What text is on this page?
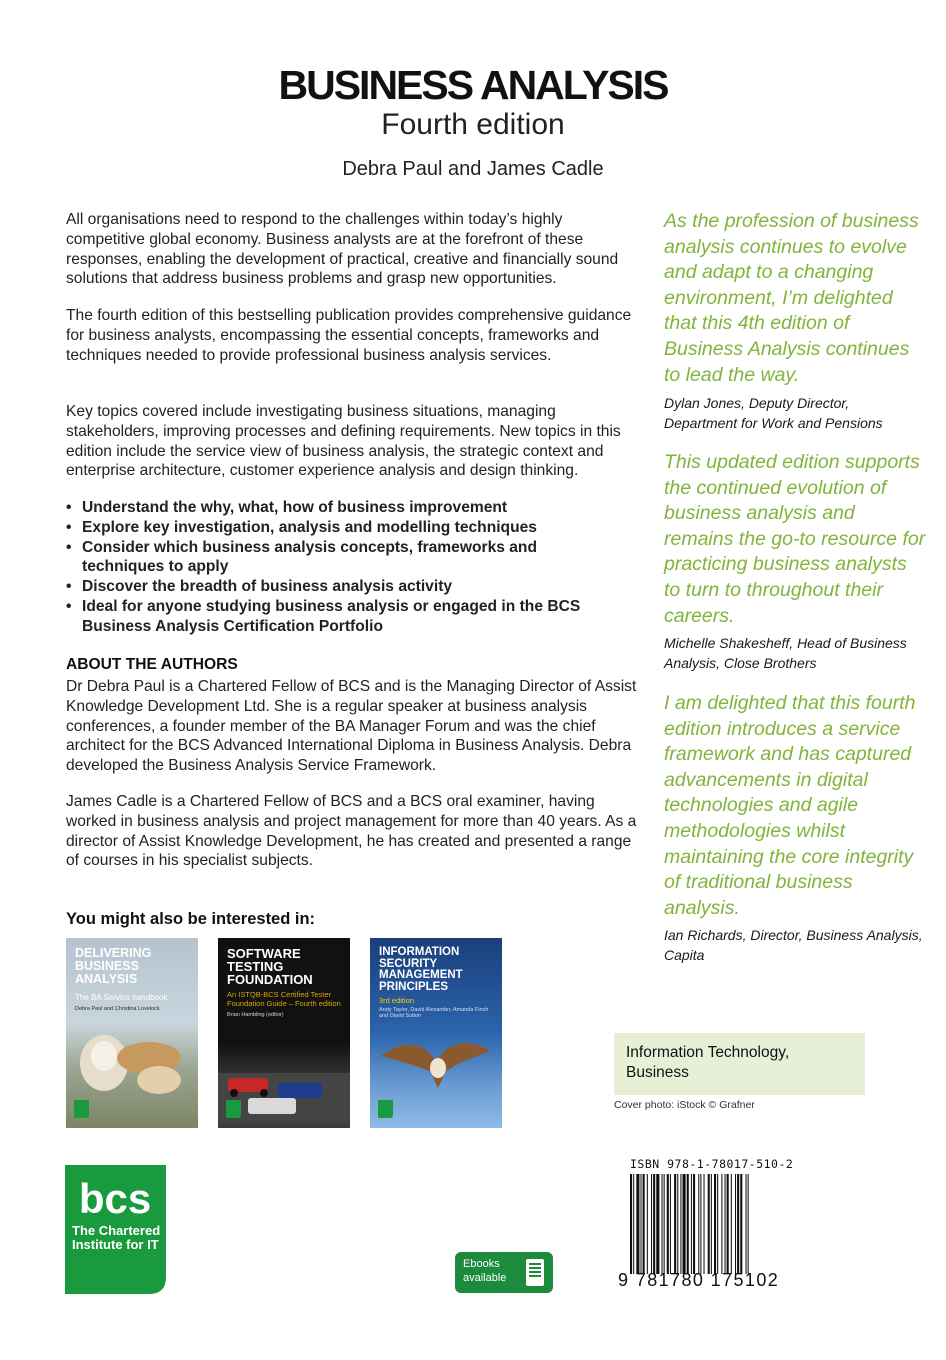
BUSINESS ANALYSIS
Fourth edition
Debra Paul and James Cadle
All organisations need to respond to the challenges within today’s highly competitive global economy. Business analysts are at the forefront of these responses, enabling the development of practical, creative and financially sound solutions that address business problems and grasp new opportunities.
The fourth edition of this bestselling publication provides comprehensive guidance for business analysts, encompassing the essential concepts, frameworks and techniques needed to provide professional business analysis services.
Key topics covered include investigating business situations, managing stakeholders, improving processes and defining requirements. New topics in this edition include the service view of business analysis, the strategic context and enterprise architecture, customer experience analysis and design thinking.
• Understand the why, what, how of business improvement
• Explore key investigation, analysis and modelling techniques
• Consider which business analysis concepts, frameworks and techniques to apply
• Discover the breadth of business analysis activity
• Ideal for anyone studying business analysis or engaged in the BCS Business Analysis Certification Portfolio
ABOUT THE AUTHORS
Dr Debra Paul is a Chartered Fellow of BCS and is the Managing Director of Assist Knowledge Development Ltd. She is a regular speaker at business analysis conferences, a founder member of the BA Manager Forum and was the chief architect for the BCS Advanced International Diploma in Business Analysis. Debra developed the Business Analysis Service Framework.
James Cadle is a Chartered Fellow of BCS and a BCS oral examiner, having worked in business analysis and project management for more than 40 years. As a director of Assist Knowledge Development, he has created and presented a range of courses in his specialist subjects.
You might also be interested in:
DELIVERING BUSINESS ANALYSIS
The BA Service handbook
Debra Paul and Christina Lovelock
SOFTWARE TESTING FOUNDATION
An ISTQB-BCS Certified Tester Foundation Guide – Fourth edition
Brian Hambling (editor)
INFORMATION SECURITY MANAGEMENT PRINCIPLES
3rd edition
Andy Taylor, David Alexander, Amanda Finch and David Sutton
As the profession of business analysis continues to evolve and adapt to a changing environment, I’m delighted that this 4th edition of Business Analysis continues to lead the way.
Dylan Jones, Deputy Director, Department for Work and Pensions
This updated edition supports the continued evolution of business analysis and remains the go-to resource for practicing business analysts to turn to throughout their careers.
Michelle Shakesheff, Head of Business Analysis, Close Brothers
I am delighted that this fourth edition introduces a service framework and has captured advancements in digital technologies and agile methodologies whilst maintaining the core integrity of traditional business analysis.
Ian Richards, Director, Business Analysis, Capita
Information Technology, Business
Cover photo: iStock © Grafner
ISBN 978-1-78017-510-2
9 781780 175102
bcs
The Chartered Institute for IT
Ebooks available
